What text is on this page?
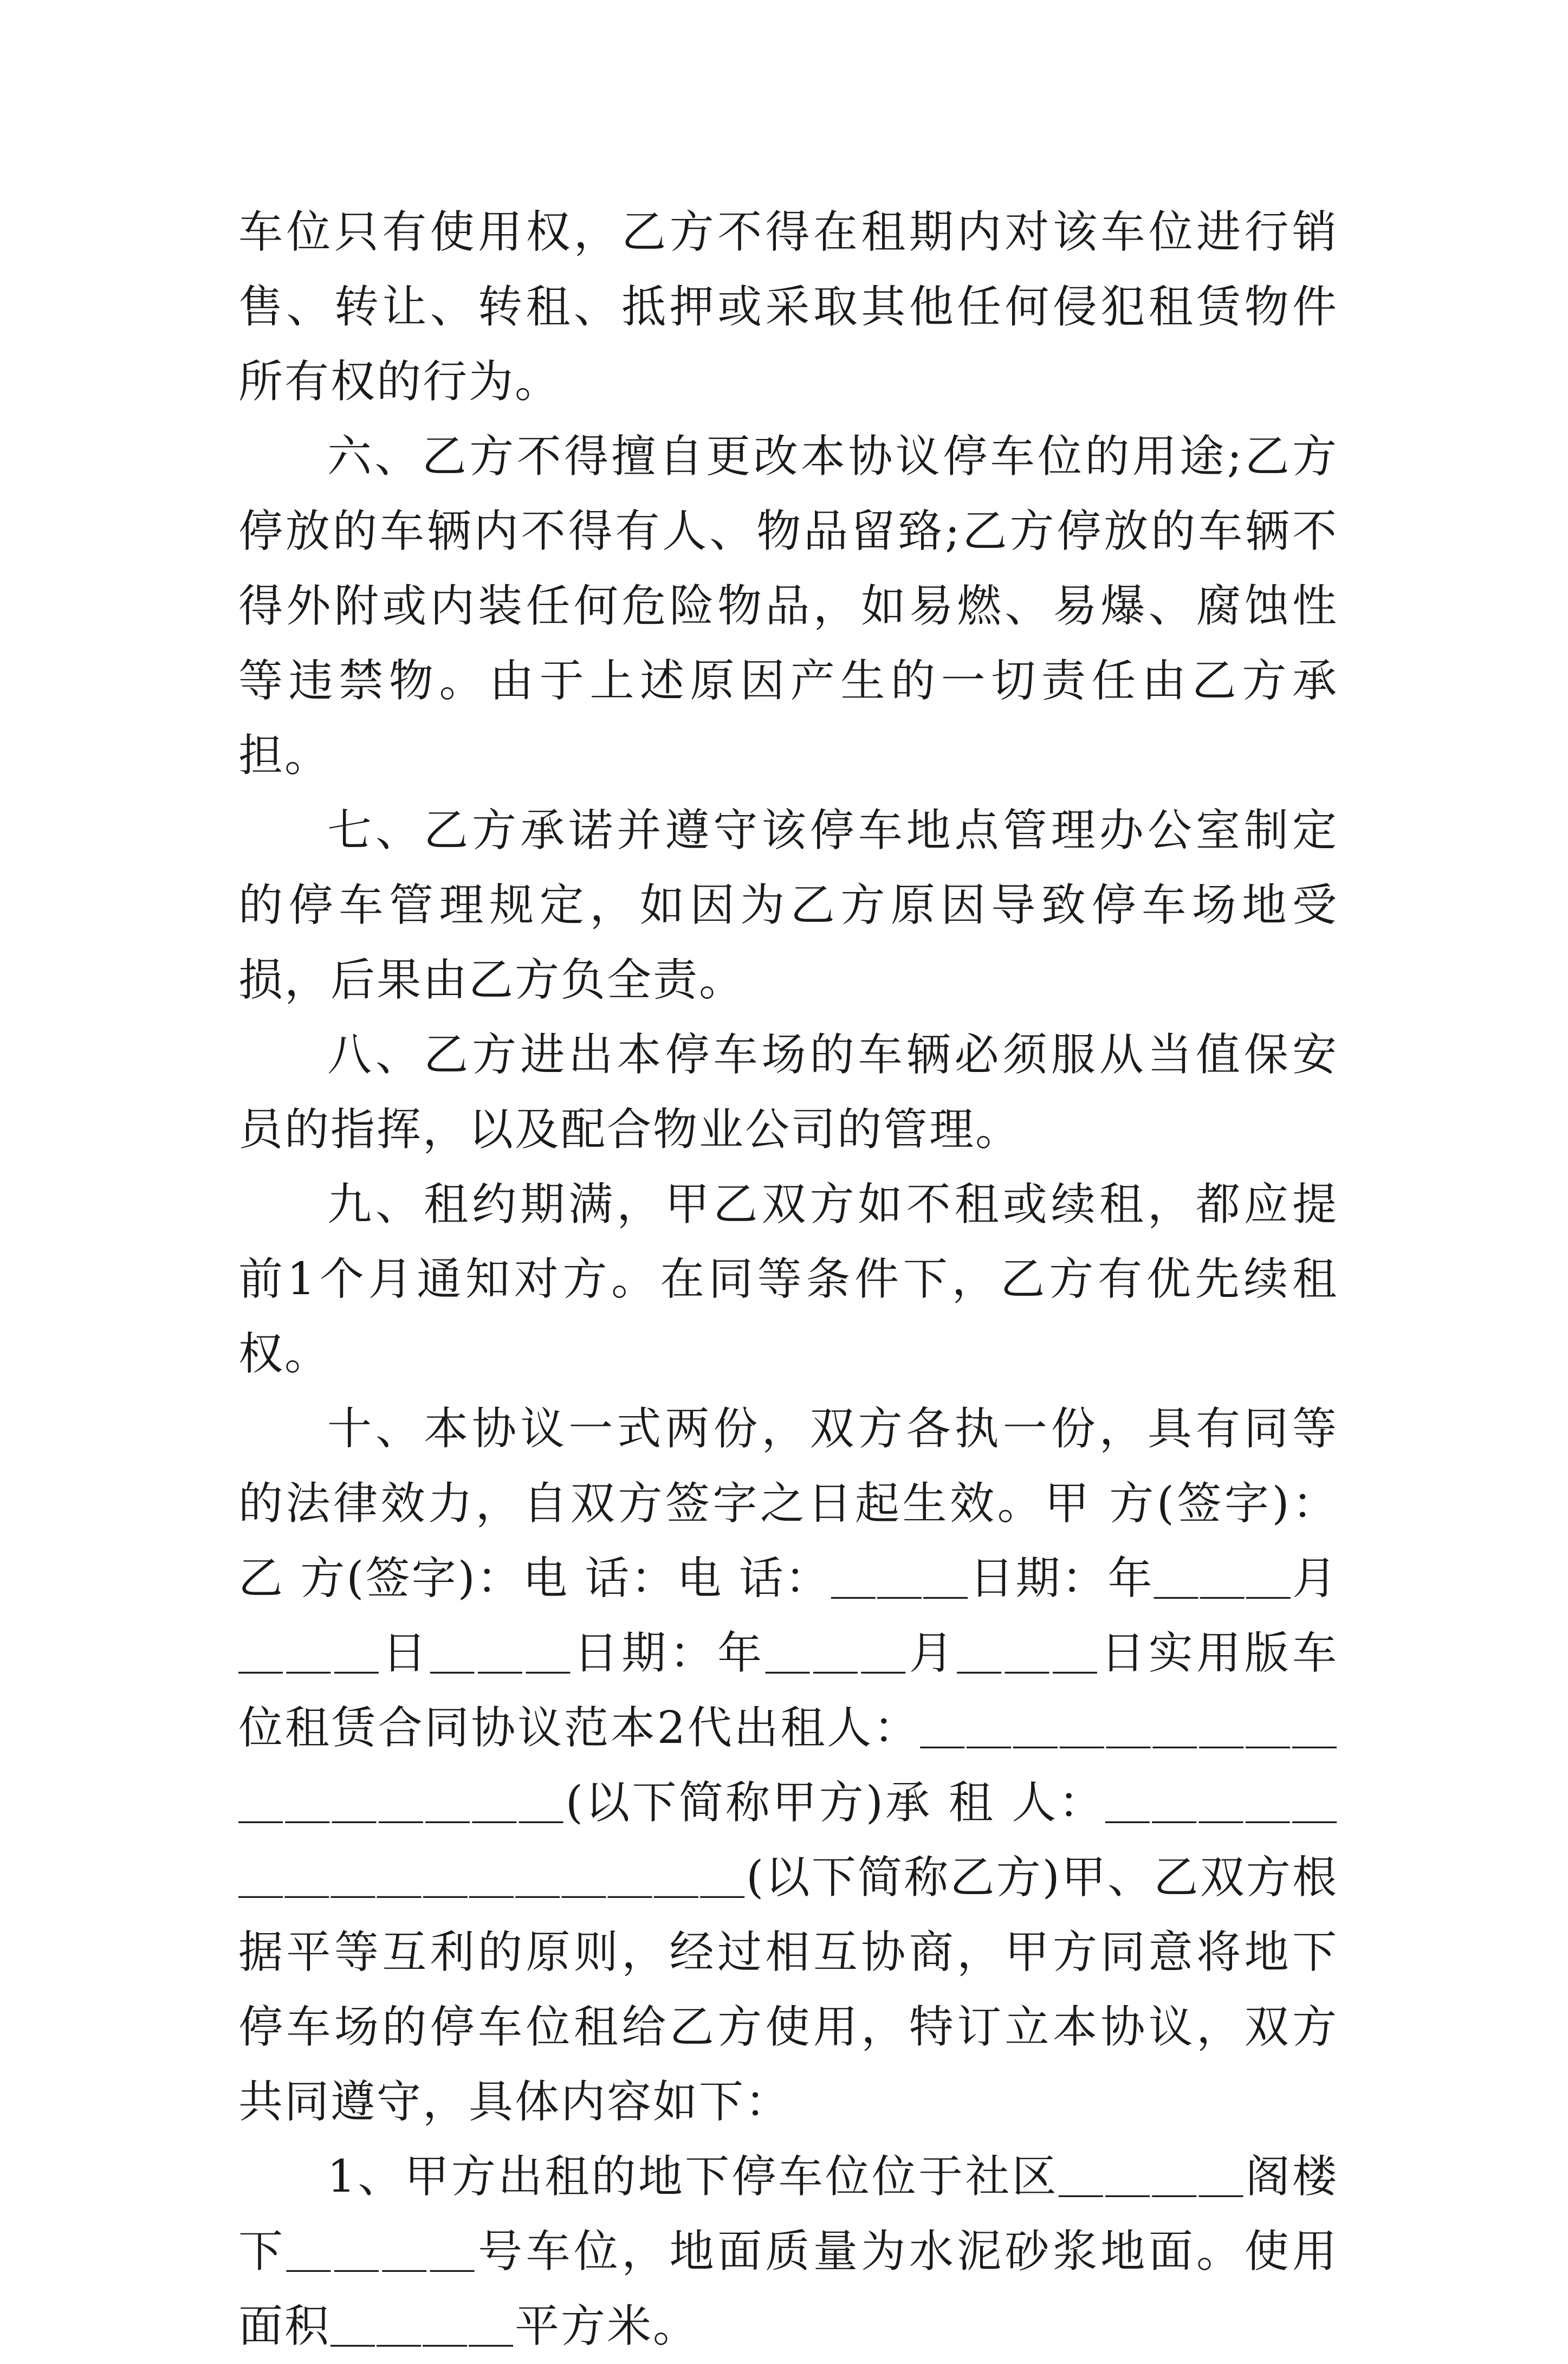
车位只有使用权，乙方不得在租期内对该车位进行销售、转让、转租、抵押或采取其他任何侵犯租赁物件所有权的行为。

六、乙方不得擅自更改本协议停车位的用途;乙方停放的车辆内不得有人、物品留臵;乙方停放的车辆不得外附或内装任何危险物品，如易燃、易爆、腐蚀性等违禁物。由于上述原因产生的一切责任由乙方承担。

七、乙方承诺并遵守该停车地点管理办公室制定的停车管理规定，如因为乙方原因导致停车场地受损，后果由乙方负全责。

八、乙方进出本停车场的车辆必须服从当值保安员的指挥，以及配合物业公司的管理。

九、租约期满，甲乙双方如不租或续租，都应提前1个月通知对方。在同等条件下，乙方有优先续租权。

十、本协议一式两份，双方各执一份，具有同等的法律效力，自双方签字之日起生效。甲 方(签字)： 乙 方(签字)：电 话：电 话：＿＿＿日期：年＿＿＿月＿＿＿日＿＿＿日期：年＿＿＿月＿＿＿日实用版车位租赁合同协议范本2代出租人：＿＿＿＿＿＿＿＿＿＿＿＿＿＿＿＿(以下简称甲方)承 租 人：＿＿＿＿＿＿＿＿＿＿＿＿＿＿＿＿(以下简称乙方)甲、乙双方根据平等互利的原则，经过相互协商，甲方同意将地下停车场的停车位租给乙方使用，特订立本协议，双方共同遵守，具体内容如下：

1、甲方出租的地下停车位位于社区＿＿＿＿阁楼下＿＿＿＿号车位，地面质量为水泥砂浆地面。使用面积＿＿＿＿平方米。
